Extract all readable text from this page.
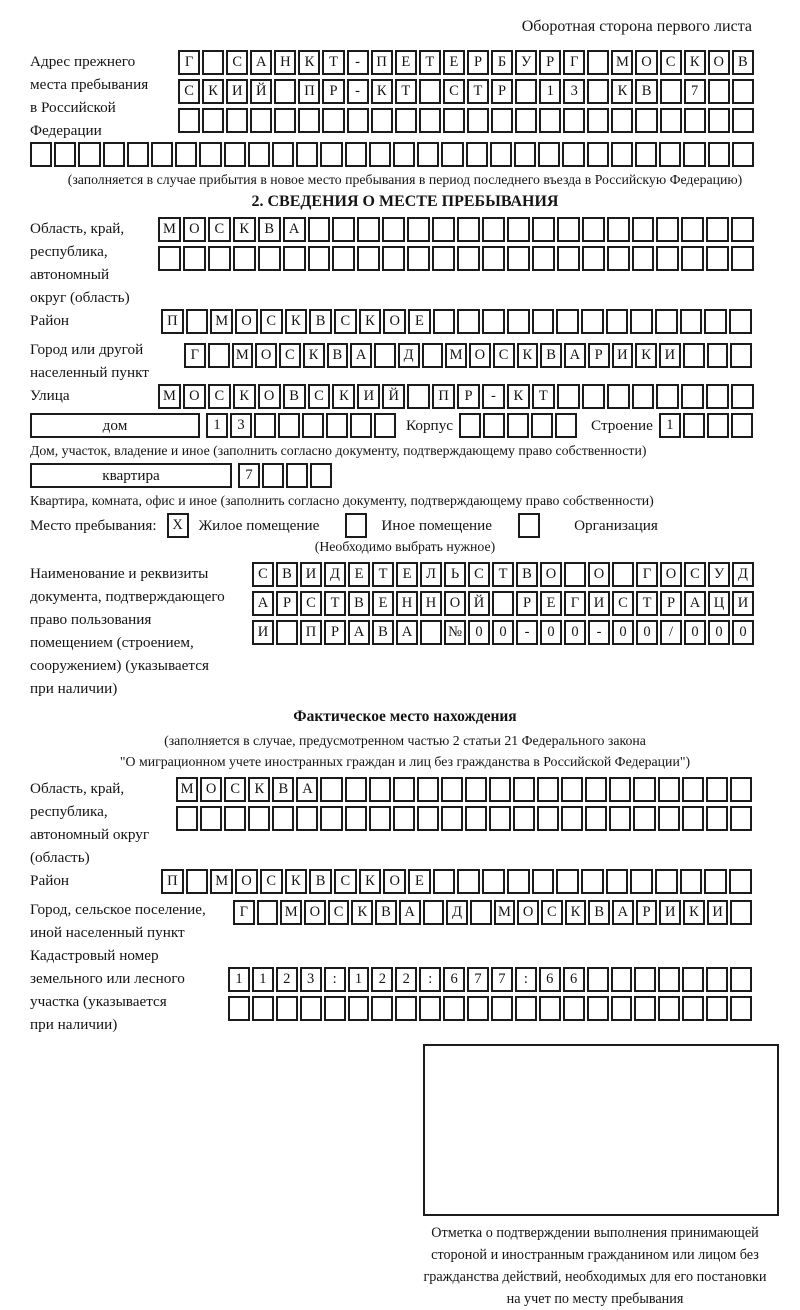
Оборотная сторона первого листа
Адрес прежнего
места пребывания
в Российской
Федерации
Г	С А Н К	Т	-	П Е	Т	Е	Р	Б	У	Р	Г	М О С К О В
С К И Й	П	Р	-	К	Т	С	Т	Р	1	3	К В	7
(заполняется в случае прибытия в новое место пребывания в период последнего въезда в Российскую Федерацию)
2. СВЕДЕНИЯ О МЕСТЕ ПРЕБЫВАНИЯ
Область, край,
республика,
автономный
округ (область)
М О	С	К	В	А
Район	П	М О	С	К	В	С	К	О	Е
Город или другой
населенный пункт
Г	М О С К В А	Д	М О С К В А Р И К И
Улица	М О	С	К	О	В	С	К	И Й	П	Р	-	К	Т
дом	1	3	Корпус	Строение 1
Дом, участок, владение и иное (заполнить согласно документу, подтверждающему право собственности)
квартира	7
Квартира, комната, офис и иное (заполнить согласно документу, подтверждающему право собственности)
Место пребывания:	X	Жилое помещение	Иное помещение	Организация
(Необходимо выбрать нужное)
Наименование и реквизиты
документа, подтверждающего
право пользования
помещением (строением,
сооружением) (указывается
при наличии)
С В И Д	Е	Т	Е	Л	Ь	С	Т	В О	О	Г	О С У Д
А	Р	С	Т	В	Е Н Н О Й	Р	Е	Г	И С	Т	Р	А Ц И
И	П	Р	А В А	№ 0	0	-	0	0	-	0	0	/	0	0	0
Фактическое место нахождения
(заполняется в случае, предусмотренном частью 2 статьи 21 Федерального закона
"О миграционном учете иностранных граждан и лиц без гражданства в Российской Федерации")
Область, край,
республика,
автономный округ
(область)
М О С К В А
Район	П	М О	С	К	В	С	К	О	Е
Город, сельское поселение,
иной населенный пункт
Г	М О С К В А	Д	М О С К В А Р И К И
Кадастровый номер
земельного или лесного
участка (указывается
при наличии)
1	1	2	3	:	1	2	2	:	6	7	7	:	6	6
Отметка о подтверждении выполнения принимающей
стороной и иностранным гражданином или лицом без
гражданства действий, необходимых для его постановки
на учет по месту пребывания
